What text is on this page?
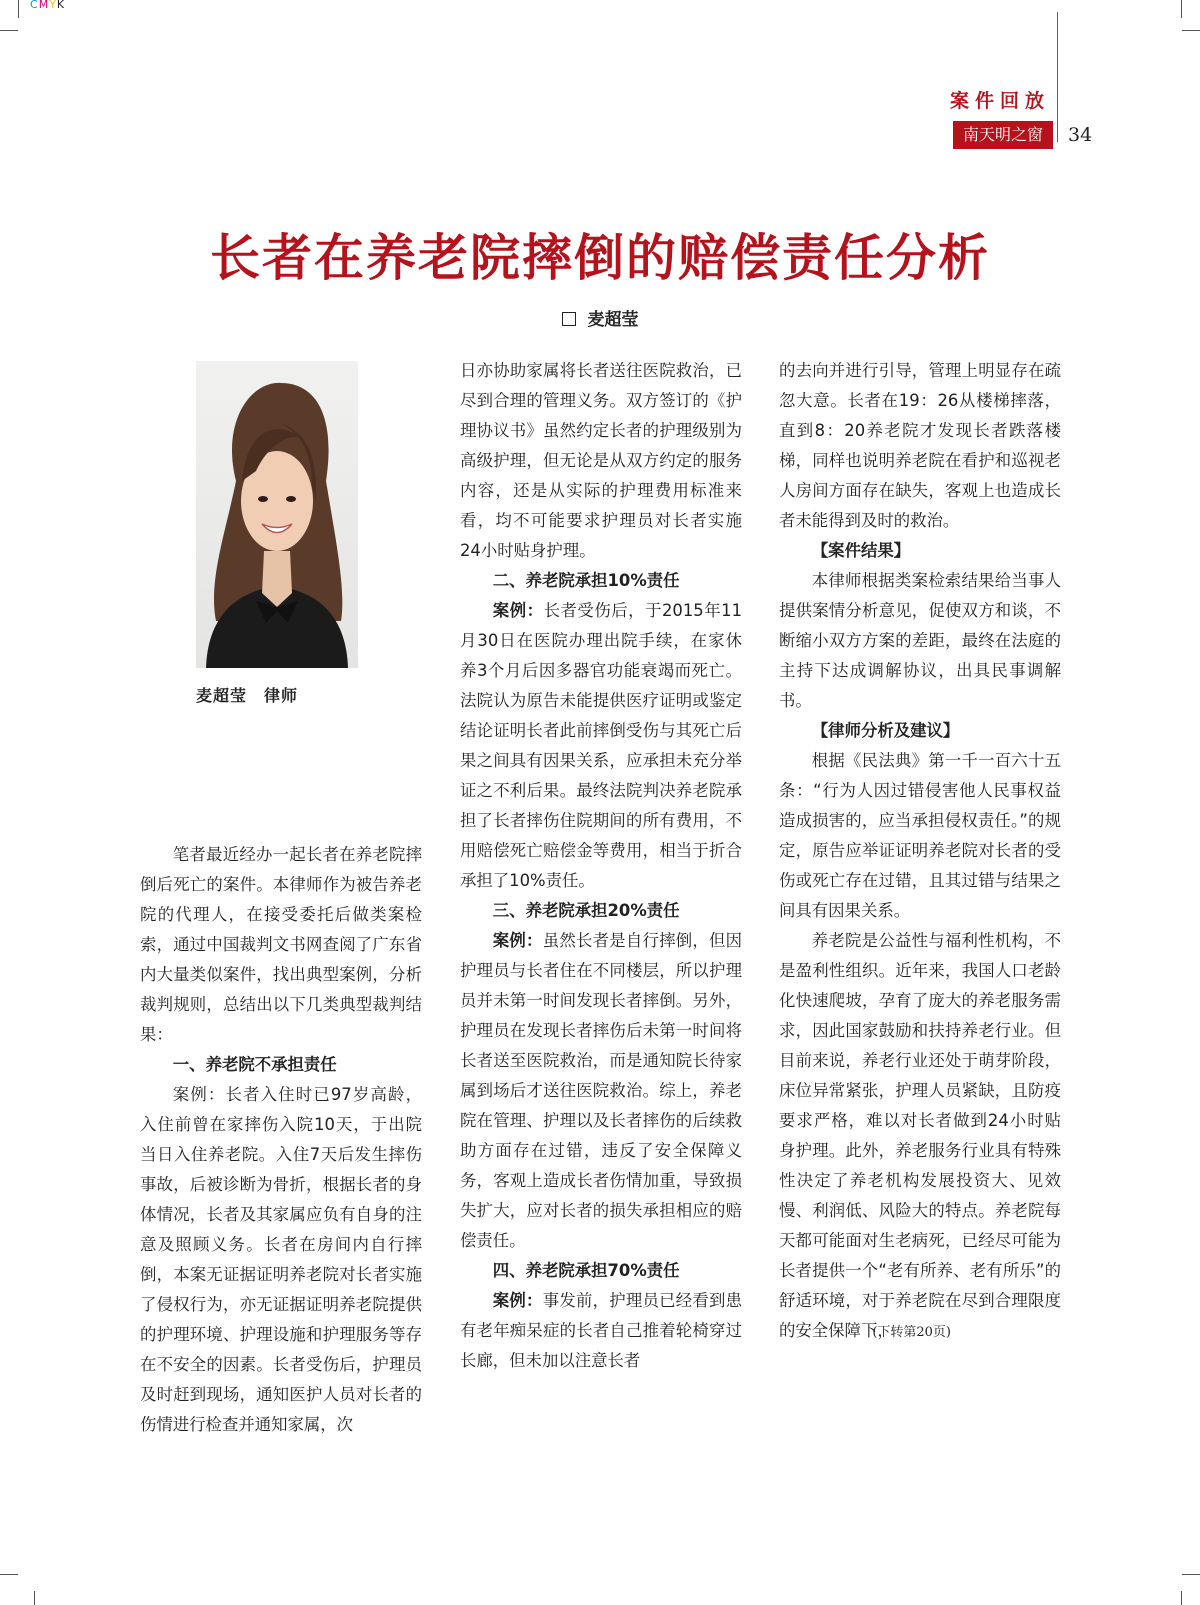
CMYK
案件回放
南天明之窗	34
长者在养老院摔倒的赔偿责任分析
麦超莹
麦超莹　律师

笔者最近经办一起长者在养老院摔倒后死亡的案件。本律师作为被告养老院的代理人，在接受委托后做类案检索，通过中国裁判文书网查阅了广东省内大量类似案件，找出典型案例，分析裁判规则，总结出以下几类典型裁判结果：

一、养老院不承担责任

案例：长者入住时已97岁高龄，入住前曾在家摔伤入院10天，于出院当日入住养老院。入住7天后发生摔伤事故，后被诊断为骨折，根据长者的身体情况，长者及其家属应负有自身的注意及照顾义务。长者在房间内自行摔倒，本案无证据证明养老院对长者实施了侵权行为，亦无证据证明养老院提供的护理环境、护理设施和护理服务等存在不安全的因素。长者受伤后，护理员及时赶到现场，通知医护人员对长者的伤情进行检查并通知家属，次

日亦协助家属将长者送往医院救治，已尽到合理的管理义务。双方签订的《护理协议书》虽然约定长者的护理级别为高级护理，但无论是从双方约定的服务内容，还是从实际的护理费用标准来看，均不可能要求护理员对长者实施24小时贴身护理。

二、养老院承担10%责任

案例：长者受伤后，于2015年11月30日在医院办理出院手续，在家休养3个月后因多器官功能衰竭而死亡。法院认为原告未能提供医疗证明或鉴定结论证明长者此前摔倒受伤与其死亡后果之间具有因果关系，应承担未充分举证之不利后果。最终法院判决养老院承担了长者摔伤住院期间的所有费用，不用赔偿死亡赔偿金等费用，相当于折合承担了10%责任。

三、养老院承担20%责任

案例：虽然长者是自行摔倒，但因护理员与长者住在不同楼层，所以护理员并未第一时间发现长者摔倒。另外，护理员在发现长者摔伤后未第一时间将长者送至医院救治，而是通知院长待家属到场后才送往医院救治。综上，养老院在管理、护理以及长者摔伤的后续救助方面存在过错，违反了安全保障义务，客观上造成长者伤情加重，导致损失扩大，应对长者的损失承担相应的赔偿责任。

四、养老院承担70%责任

案例：事发前，护理员已经看到患有老年痴呆症的长者自己推着轮椅穿过长廊，但未加以注意长者

的去向并进行引导，管理上明显存在疏忽大意。长者在19：26从楼梯摔落，直到8：20养老院才发现长者跌落楼梯，同样也说明养老院在看护和巡视老人房间方面存在缺失，客观上也造成长者未能得到及时的救治。

【案件结果】

本律师根据类案检索结果给当事人提供案情分析意见，促使双方和谈，不断缩小双方方案的差距，最终在法庭的主持下达成调解协议，出具民事调解书。

【律师分析及建议】

根据《民法典》第一千一百六十五条：“行为人因过错侵害他人民事权益造成损害的，应当承担侵权责任。”的规定，原告应举证证明养老院对长者的受伤或死亡存在过错，且其过错与结果之间具有因果关系。

养老院是公益性与福利性机构，不是盈利性组织。近年来，我国人口老龄化快速爬坡，孕育了庞大的养老服务需求，因此国家鼓励和扶持养老行业。但目前来说，养老行业还处于萌芽阶段，床位异常紧张，护理人员紧缺，且防疫要求严格，难以对长者做到24小时贴身护理。此外，养老服务行业具有特殊性决定了养老机构发展投资大、见效慢、利润低、风险大的特点。养老院每天都可能面对生老病死，已经尽可能为长者提供一个“老有所养、老有所乐”的舒适环境，对于养老院在尽到合理限度的安全保障下，

(下转第20页)
